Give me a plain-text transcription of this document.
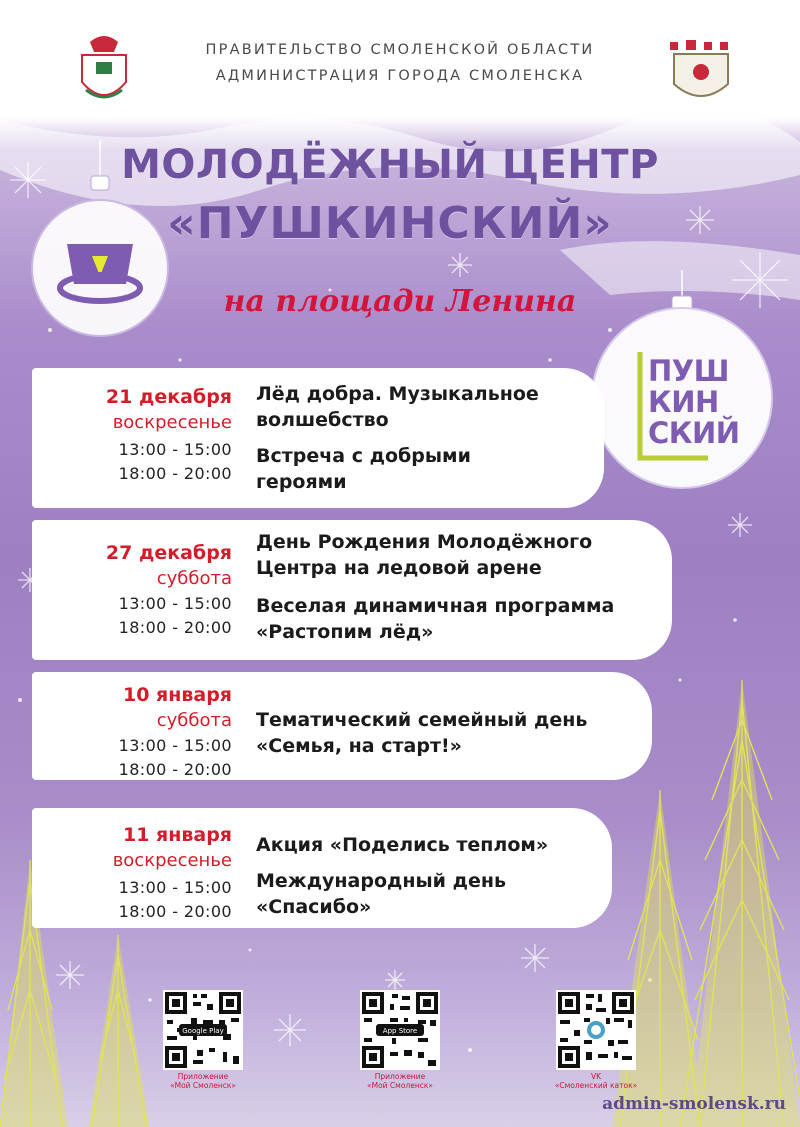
ПРАВИТЕЛЬСТВО СМОЛЕНСКОЙ ОБЛАСТИ
АДМИНИСТРАЦИЯ ГОРОДА СМОЛЕНСКА
МОЛОДЁЖНЫЙ ЦЕНТР
«ПУШКИНСКИЙ»
на площади Ленина
ПУШ
КИН
СКИЙ
21 декабря
воскресенье
13:00 - 15:00
18:00 - 20:00
Лёд добра. Музыкальное волшебство
Встреча с добрыми героями
27 декабря
суббота
13:00 - 15:00
18:00 - 20:00
День Рождения Молодёжного Центра на ледовой арене
Веселая динамичная программа «Растопим лёд»
10 января
суббота
13:00 - 15:00
18:00 - 20:00
Тематический семейный день «Семья, на старт!»
11 января
воскресенье
13:00 - 15:00
18:00 - 20:00
Акция «Поделись теплом»
Международный день «Спасибо»
Google Play
Приложение
«Мой Смоленск»
App Store
Приложение
«Мой Смоленск»
VK
«Смоленский каток»
admin-smolensk.ru
